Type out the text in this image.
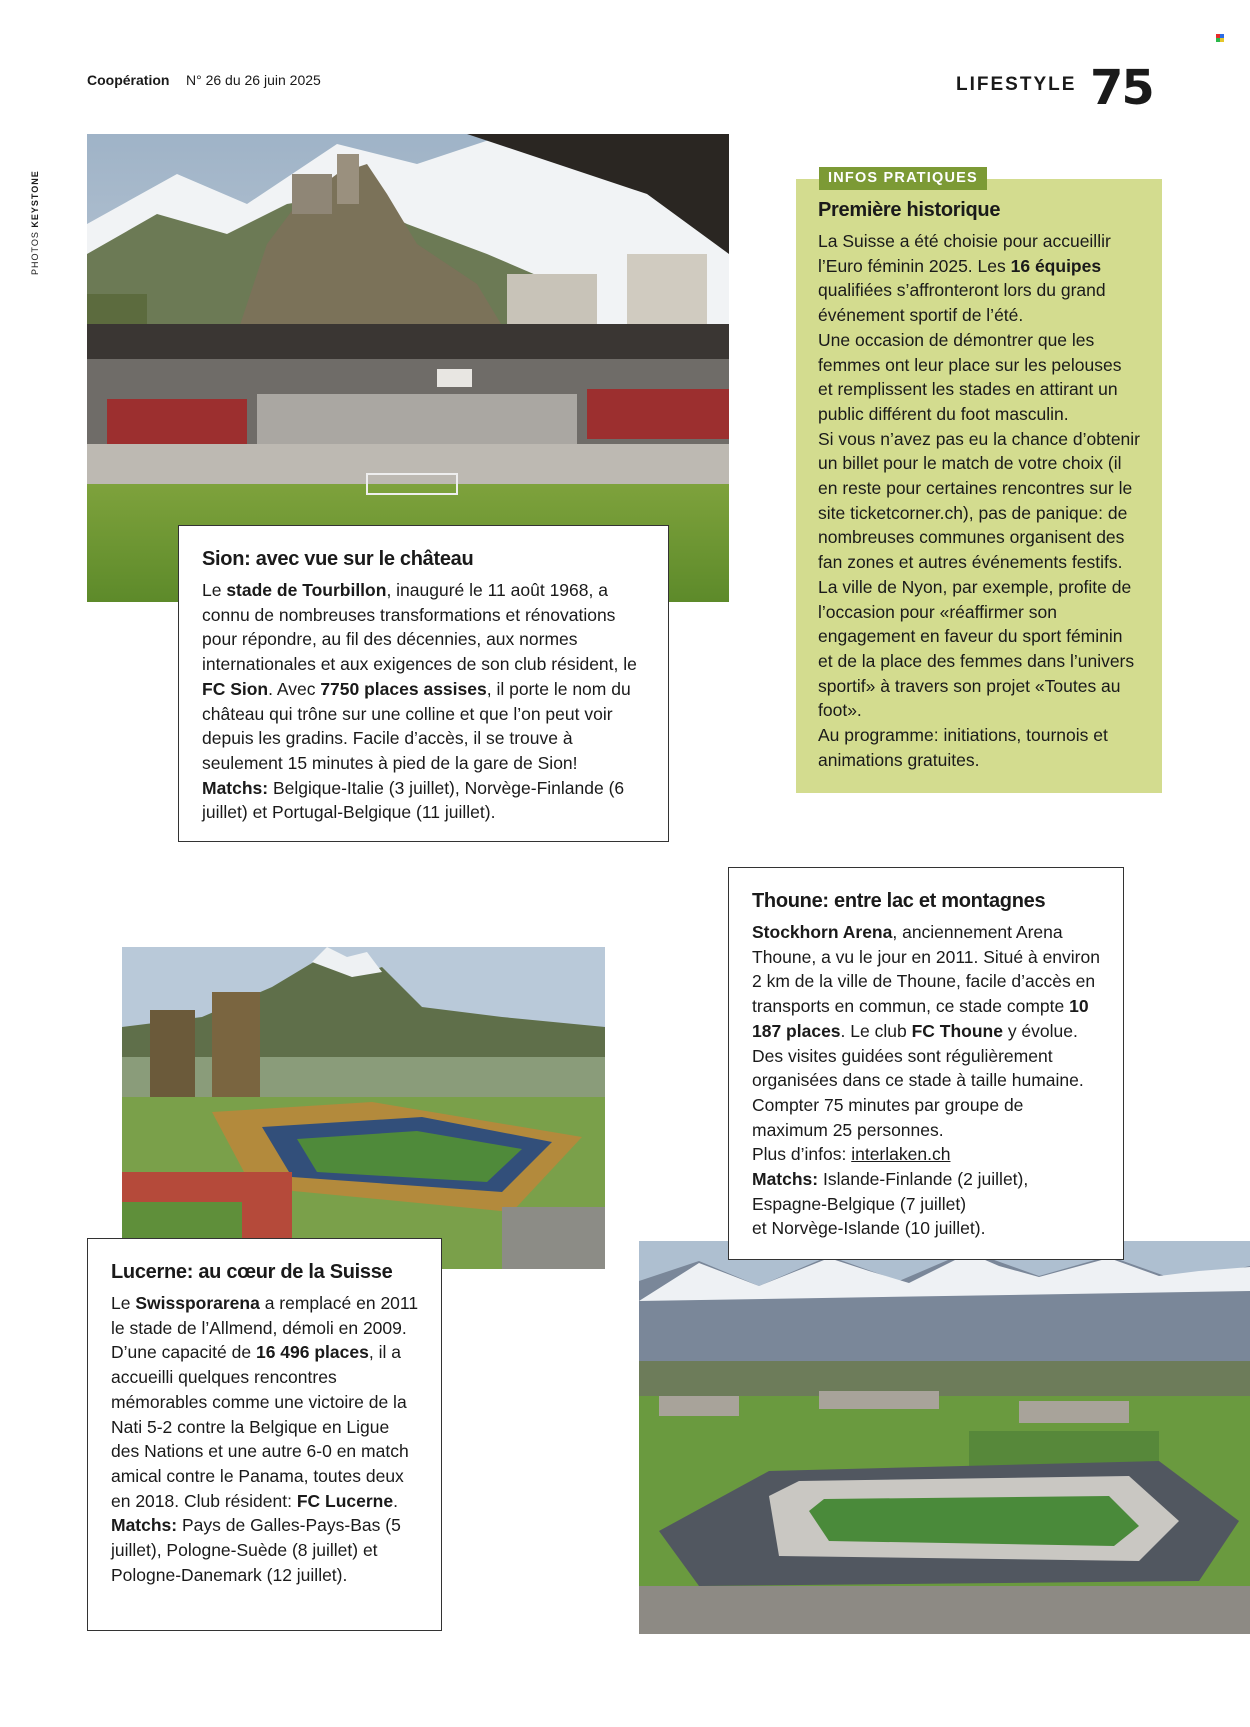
Coopération N° 26 du 26 juin 2025	LIFESTYLE 75
PHOTOS KEYSTONE	Première historique

La Suisse a été choisie pour accueillir l’Euro féminin 2025. Les 16 équipes qualifiées s’affronteront lors du grand événement sportif de l’été.

Une occasion de démontrer que les femmes ont leur place sur les pelouses et remplissent les stades en attirant un public différent du foot masculin.

Si vous n’avez pas eu la chance d’obtenir un billet pour le match de votre choix (il en reste pour certaines rencontres sur le site ticketcorner.ch), pas de panique: de nombreuses communes organisent des fan zones et autres événements festifs. La ville de Nyon, par exemple, profite de l’occasion pour «réaffirmer son engagement en faveur du sport féminin et de la place des femmes dans l’univers sportif» à travers son projet «Toutes au foot».

Au programme: initiations, tournois et animations gratuites.

INFOS PRATIQUES
Sion: avec vue sur le château

Le stade de Tourbillon, inauguré le 11 août 1968, a connu de nombreuses transformations et rénovations pour répondre, au fil des décennies, aux normes internationales et aux exigences de son club résident, le FC Sion. Avec 7750 places assises, il porte le nom du château qui trône sur une colline et que l’on peut voir depuis les gradins. Facile d’accès, il se trouve à seulement 15 minutes à pied de la gare de Sion!

Matchs: Belgique-Italie (3 juillet), Norvège-Finlande (6 juillet) et Portugal-Belgique (11 juillet).

Thoune: entre lac et montagnes

Stockhorn Arena, anciennement Arena Thoune, a vu le jour en 2011. Situé à environ 2 km de la ville de Thoune, facile d’accès en transports en commun, ce stade compte 10 187 places. Le club FC Thoune y évolue. Des visites guidées sont régulièrement organisées dans ce stade à taille humaine. Compter 75 minutes par groupe de maximum 25 personnes.

Plus d’infos: interlaken.ch

Matchs: Islande-Finlande (2 juillet),
Espagne-Belgique (7 juillet)
et Norvège-Islande (10 juillet).

Lucerne: au cœur de la Suisse

Le Swissporarena a remplacé en 2011 le stade de l’Allmend, démoli en 2009. D’une capacité de 16 496 places, il a accueilli quelques rencontres mémorables comme une victoire de la Nati 5-2 contre la Belgique en Ligue des Nations et une autre 6-0 en match amical contre le Panama, toutes deux en 2018. Club résident: FC Lucerne.

Matchs: Pays de Galles-Pays-Bas (5 juillet), Pologne-Suède (8 juillet) et Pologne-Danemark (12 juillet).
